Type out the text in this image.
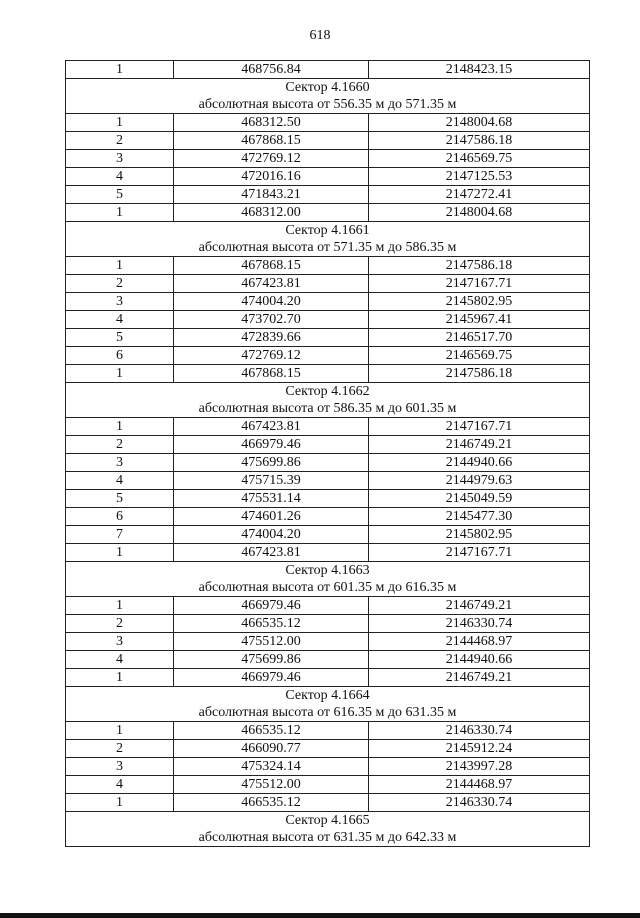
618
1	468756.84	2148423.15

Сектор 4.1660
абсолютная высота от 556.35 м до 571.35 м		

1	468312.50	2148004.68
2	467868.15	2147586.18
3	472769.12	2146569.75
4	472016.16	2147125.53
5	471843.21	2147272.41
1	468312.00	2148004.68

Сектор 4.1661
абсолютная высота от 571.35 м до 586.35 м		

1	467868.15	2147586.18
2	467423.81	2147167.71
3	474004.20	2145802.95
4	473702.70	2145967.41
5	472839.66	2146517.70
6	472769.12	2146569.75
1	467868.15	2147586.18

Сектор 4.1662
абсолютная высота от 586.35 м до 601.35 м		

1	467423.81	2147167.71
2	466979.46	2146749.21
3	475699.86	2144940.66
4	475715.39	2144979.63
5	475531.14	2145049.59
6	474601.26	2145477.30
7	474004.20	2145802.95
1	467423.81	2147167.71

Сектор 4.1663
абсолютная высота от 601.35 м до 616.35 м		

1	466979.46	2146749.21
2	466535.12	2146330.74
3	475512.00	2144468.97
4	475699.86	2144940.66
1	466979.46	2146749.21

Сектор 4.1664
абсолютная высота от 616.35 м до 631.35 м		

1	466535.12	2146330.74
2	466090.77	2145912.24
3	475324.14	2143997.28
4	475512.00	2144468.97
1	466535.12	2146330.74

Сектор 4.1665
абсолютная высота от 631.35 м до 642.33 м		
